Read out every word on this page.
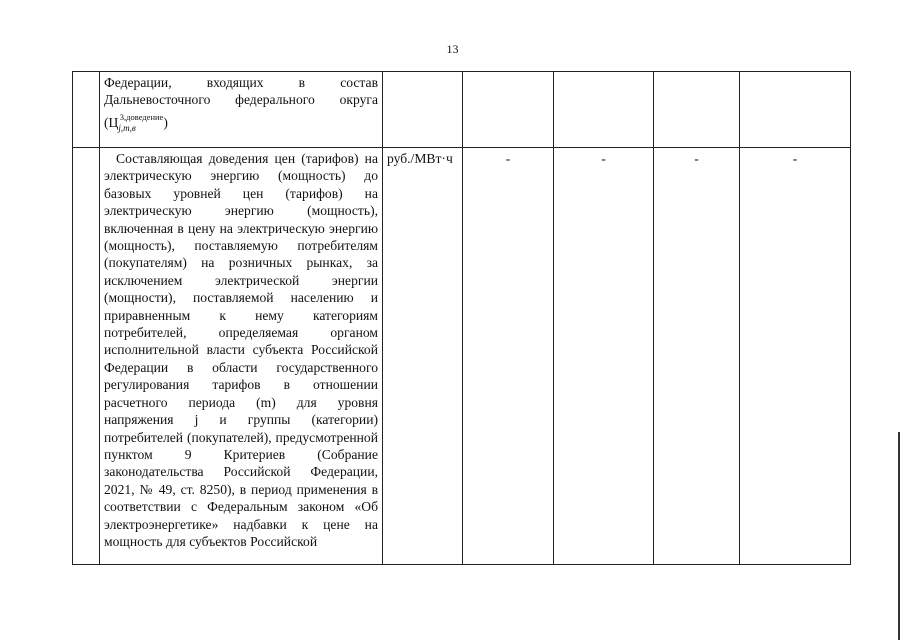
13
	Федерации, входящих в состав Дальневосточного федерального округа $(Ц_{j,m,в}^{3,доведение})$					
	Составляющая доведения цен (тарифов) на электрическую энергию (мощность) до базовых уровней цен (тарифов) на электрическую энергию (мощность), включенная в цену на электрическую энергию (мощность), поставляемую потребителям (покупателям) на розничных рынках, за исключением электрической энергии (мощности), поставляемой населению и приравненным к нему категориям потребителей, определяемая органом исполнительной власти субъекта Российской Федерации в области государственного регулирования тарифов в отношении расчетного периода (m) для уровня напряжения j и группы (категории) потребителей (покупателей), предусмотренной пунктом 9 Критериев (Собрание законодательства Российской Федерации, 2021, № 49, ст. 8250), в период применения в соответствии с Федеральным законом «Об электроэнергетике» надбавки к цене на мощность для субъектов Российской	руб./МВт·ч	-	-	-	-
